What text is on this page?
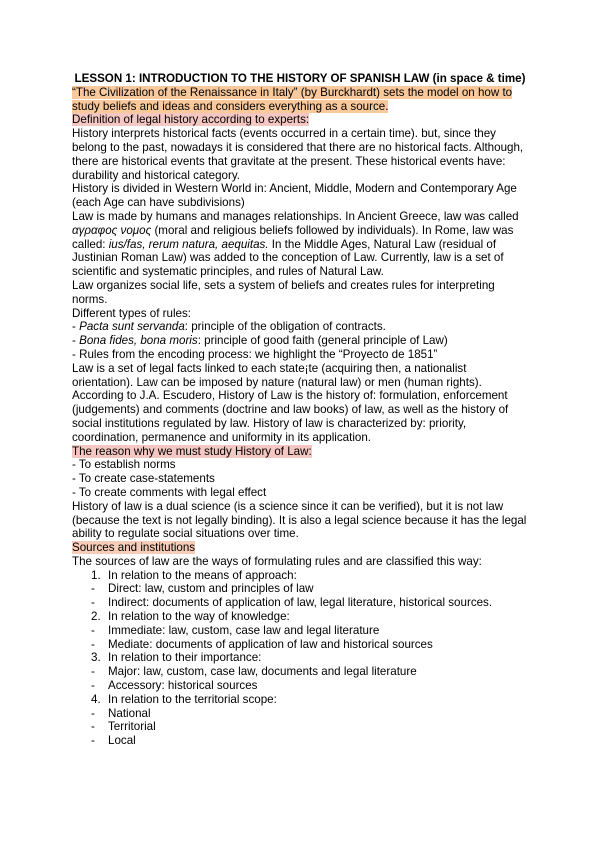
LESSON 1: INTRODUCTION TO THE HISTORY OF SPANISH LAW (in space & time)

“The Civilization of the Renaissance in Italy” (by Burckhardt) sets the model on how to study beliefs and ideas and considers everything as a source.

Definition of legal history according to experts:

History interprets historical facts (events occurred in a certain time). but, since they belong to the past, nowadays it is considered that there are no historical facts. Although, there are historical events that gravitate at the present. These historical events have: durability and historical category.

History is divided in Western World in: Ancient, Middle, Modern and Contemporary Age (each Age can have subdivisions)

Law is made by humans and manages relationships. In Ancient Greece, law was called αγραφος νομος (moral and religious beliefs followed by individuals). In Rome, law was called: ius/fas, rerum natura, aequitas. In the Middle Ages, Natural Law (residual of Justinian Roman Law) was added to the conception of Law. Currently, law is a set of scientific and systematic principles, and rules of Natural Law.

Law organizes social life, sets a system of beliefs and creates rules for interpreting norms.

Different types of rules:

- Pacta sunt servanda: principle of the obligation of contracts.

- Bona fides, bona moris: principle of good faith (general principle of Law)

- Rules from the encoding process: we highlight the “Proyecto de 1851”

Law is a set of legal facts linked to each state¡te (acquiring then, a nationalist orientation). Law can be imposed by nature (natural law) or men (human rights).

According to J.A. Escudero, History of Law is the history of: formulation, enforcement (judgements) and comments (doctrine and law books) of law, as well as the history of social institutions regulated by law. History of law is characterized by: priority, coordination, permanence and uniformity in its application.

The reason why we must study History of Law:

- To establish norms

- To create case-statements

- To create comments with legal effect

History of law is a dual science (is a science since it can be verified), but it is not law (because the text is not legally binding). It is also a legal science because it has the legal ability to regulate social situations over time.

Sources and institutions

The sources of law are the ways of formulating rules and are classified this way:

1. In relation to the means of approach:
- Direct: law, custom and principles of law
- Indirect: documents of application of law, legal literature, historical sources.
2. In relation to the way of knowledge:
- Immediate: law, custom, case law and legal literature
- Mediate: documents of application of law and historical sources
3. In relation to their importance:
- Major: law, custom, case law, documents and legal literature
- Accessory: historical sources
4. In relation to the territorial scope:
- National
- Territorial
- Local
